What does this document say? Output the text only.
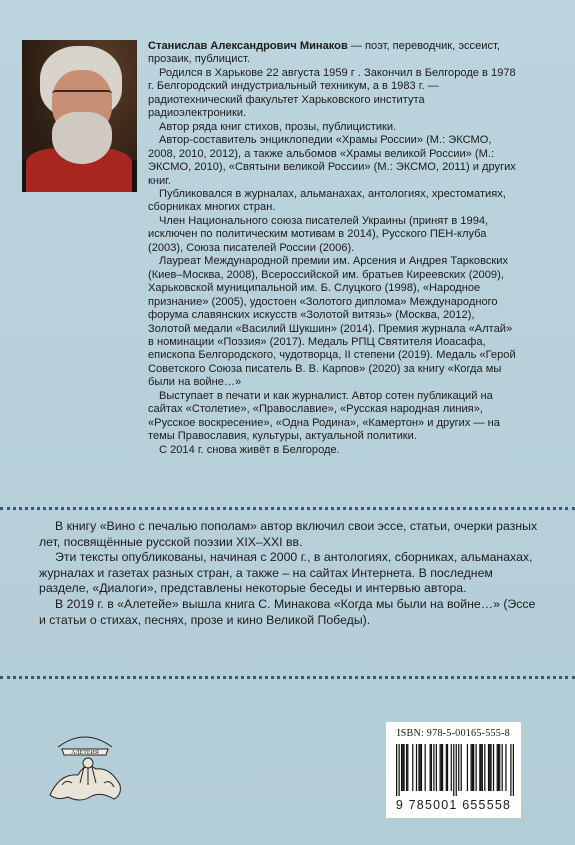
Станислав Александрович Минаков — поэт, переводчик, эссеист, прозаик, публицист.

Родился в Харькове 22 августа 1959 г . Закончил в Белгороде в 1978 г. Белгородский индустриальный техникум, а в 1983 г. — радиотехнический факультет Харьковского института радиоэлектроники.

Автор ряда книг стихов, прозы, публицистики.

Автор-составитель энциклопедии «Храмы России» (М.: ЭКСМО, 2008, 2010, 2012), а также альбомов «Храмы великой России» (М.: ЭКСМО, 2010), «Святыни великой России» (М.: ЭКСМО, 2011) и других книг.

Публиковался в журналах, альманахах, антологиях, хрестоматиях, сборниках многих стран.

Член Национального союза писателей Украины (принят в 1994, исключен по политическим мотивам в 2014), Русского ПЕН-клуба (2003), Союза писателей России (2006).

Лауреат Международной премии им. Арсения и Андрея Тарковских (Киев–Москва, 2008), Всероссийской им. братьев Киреевских (2009), Харьковской муниципальной им. Б. Слуцкого (1998), «Народное признание» (2005), удостоен «Золотого диплома» Международного форума славянских искусств «Золотой витязь» (Москва, 2012), Золотой медали «Василий Шукшин» (2014). Премия журнала «Алтай» в номинации «Поэзия» (2017). Медаль РПЦ Святителя Иоасафа, епископа Белгородского, чудотворца, II степени (2019). Медаль «Герой Советского Союза писатель В. В. Карпов» (2020) за книгу «Когда мы были на войне…»

Выступает в печати и как журналист. Автор сотен публикаций на сайтах «Столетие», «Православие», «Русская народная линия», «Русское воскресение», «Одна Родина», «Камертон» и других — на темы Православия, культуры, актуальной политики.

С 2014 г. снова живёт в Белгороде.

В книгу «Вино с печалью пополам» автор включил свои эссе, статьи, очерки разных лет, посвящённые русской поэзии XIX–XXI вв.

Эти тексты опубликованы, начиная с 2000 г., в антологиях, сборниках, альманахах, журналах и газетах разных стран, а также – на сайтах Интернета. В последнем разделе, «Диалоги», представлены некоторые беседы и интервью автора.

В 2019 г. в «Алетейе» вышла книга С. Минакова «Когда мы были на войне…» (Эссе и статьи о стихах, песнях, прозе и кино Великой Победы).

АЛЕТЕЙЯ
ISBN: 978-5-00165-555-8
9 785001 655558
